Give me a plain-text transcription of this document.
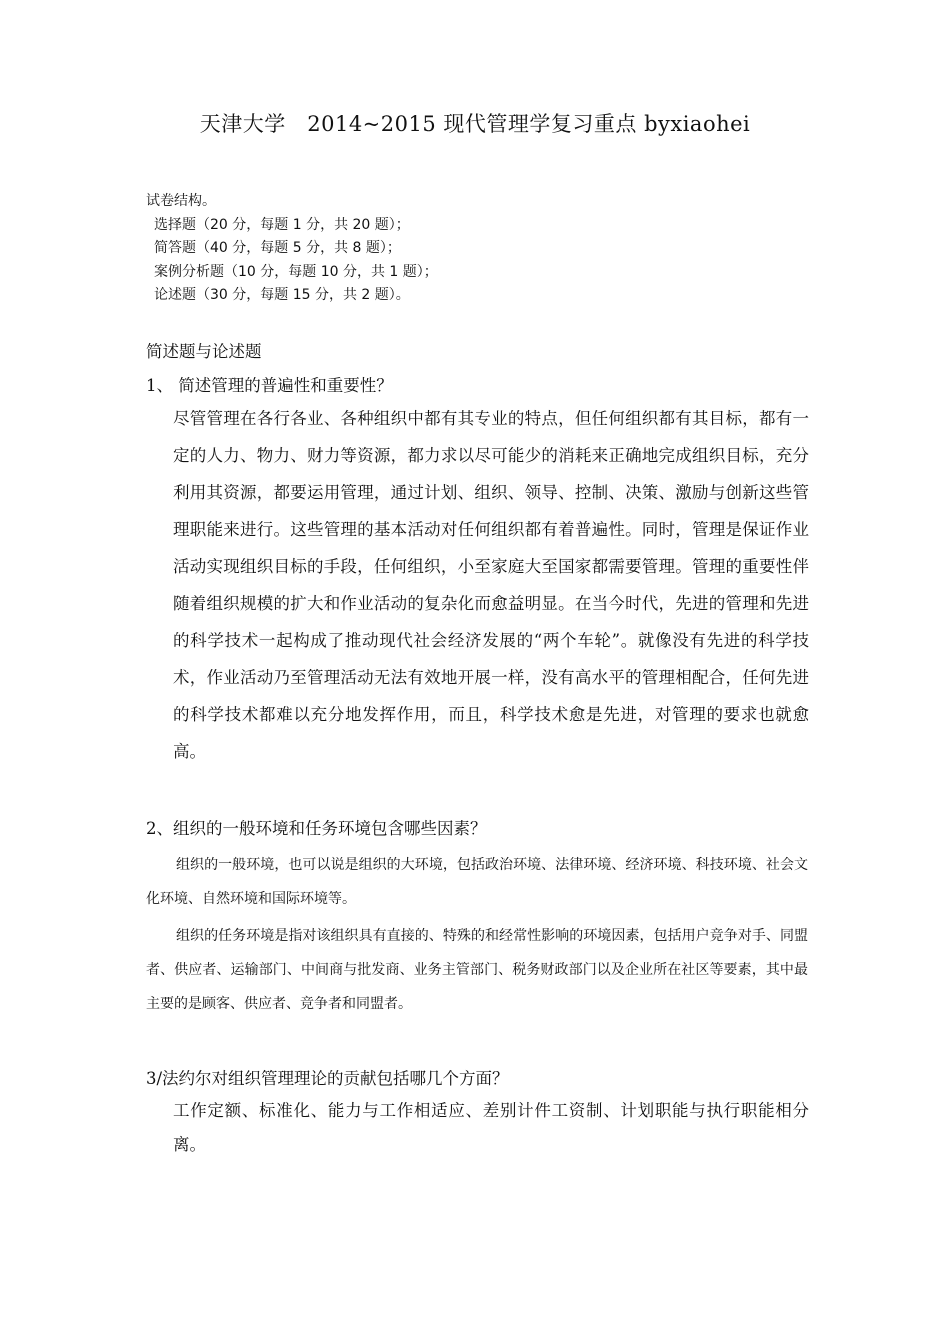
天津大学　2014~2015 现代管理学复习重点 byxiaohei
试卷结构。
选择题（20 分，每题 1 分，共 20 题）；
简答题（40 分，每题 5 分，共 8 题）；
案例分析题（10 分，每题 10 分，共 1 题）；
论述题（30 分，每题 15 分，共 2 题）。
简述题与论述题
1、 简述管理的普遍性和重要性？
尽管管理在各行各业、各种组织中都有其专业的特点，但任何组织都有其目标，都有一定的人力、物力、财力等资源，都力求以尽可能少的消耗来正确地完成组织目标，充分利用其资源，都要运用管理，通过计划、组织、领导、控制、决策、激励与创新这些管理职能来进行。这些管理的基本活动对任何组织都有着普遍性。同时，管理是保证作业活动实现组织目标的手段，任何组织，小至家庭大至国家都需要管理。管理的重要性伴随着组织规模的扩大和作业活动的复杂化而愈益明显。在当今时代，先进的管理和先进的科学技术一起构成了推动现代社会经济发展的“两个车轮”。就像没有先进的科学技术，作业活动乃至管理活动无法有效地开展一样，没有高水平的管理相配合，任何先进的科学技术都难以充分地发挥作用，而且，科学技术愈是先进，对管理的要求也就愈高。
2、组织的一般环境和任务环境包含哪些因素？

组织的一般环境，也可以说是组织的大环境，包括政治环境、法律环境、经济环境、科技环境、社会文化环境、自然环境和国际环境等。

组织的任务环境是指对该组织具有直接的、特殊的和经常性影响的环境因素，包括用户竞争对手、同盟者、供应者、运输部门、中间商与批发商、业务主管部门、税务财政部门以及企业所在社区等要素，其中最主要的是顾客、供应者、竞争者和同盟者。

3/法约尔对组织管理理论的贡献包括哪几个方面？
工作定额、标准化、能力与工作相适应、差别计件工资制、计划职能与执行职能相分离。
